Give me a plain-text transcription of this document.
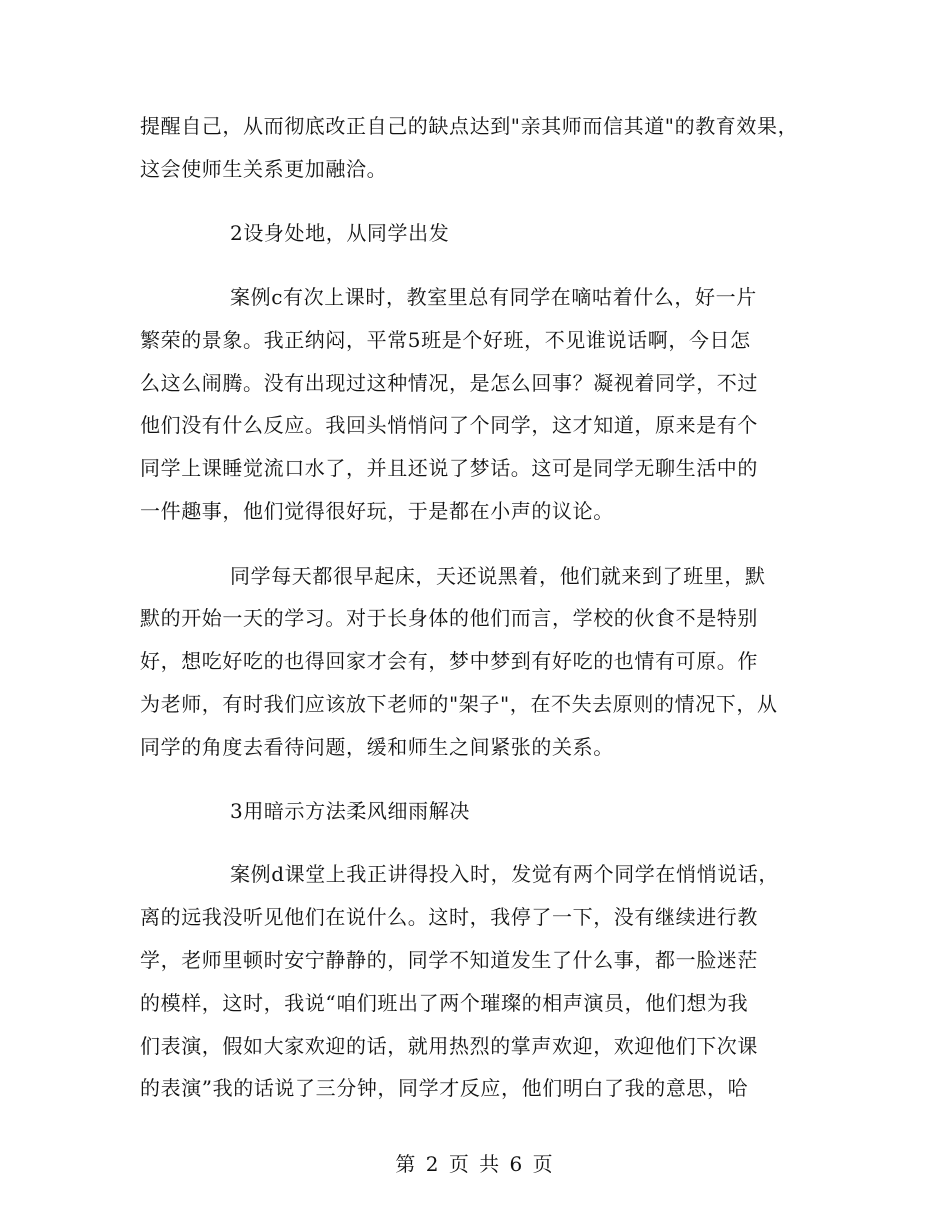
提醒自己，从而彻底改正自己的缺点达到"亲其师而信其道"的教育效果，
这会使师生关系更加融洽。
2设身处地，从同学出发
案例c有次上课时，教室里总有同学在嘀咕着什么，好一片
繁荣的景象。我正纳闷，平常5班是个好班，不见谁说话啊，今日怎
么这么闹腾。没有出现过这种情况，是怎么回事？凝视着同学，不过
他们没有什么反应。我回头悄悄问了个同学，这才知道，原来是有个
同学上课睡觉流口水了，并且还说了梦话。这可是同学无聊生活中的
一件趣事，他们觉得很好玩，于是都在小声的议论。
同学每天都很早起床，天还说黑着，他们就来到了班里，默
默的开始一天的学习。对于长身体的他们而言，学校的伙食不是特别
好，想吃好吃的也得回家才会有，梦中梦到有好吃的也情有可原。作
为老师，有时我们应该放下老师的"架子"，在不失去原则的情况下，从
同学的角度去看待问题，缓和师生之间紧张的关系。
3用暗示方法柔风细雨解决
案例d课堂上我正讲得投入时，发觉有两个同学在悄悄说话，
离的远我没听见他们在说什么。这时，我停了一下，没有继续进行教
学，老师里顿时安宁静静的，同学不知道发生了什么事，都一脸迷茫
的模样，这时，我说“咱们班出了两个璀璨的相声演员，他们想为我
们表演，假如大家欢迎的话，就用热烈的掌声欢迎，欢迎他们下次课
的表演”我的话说了三分钟，同学才反应，他们明白了我的意思，哈
第 2 页 共 6 页
